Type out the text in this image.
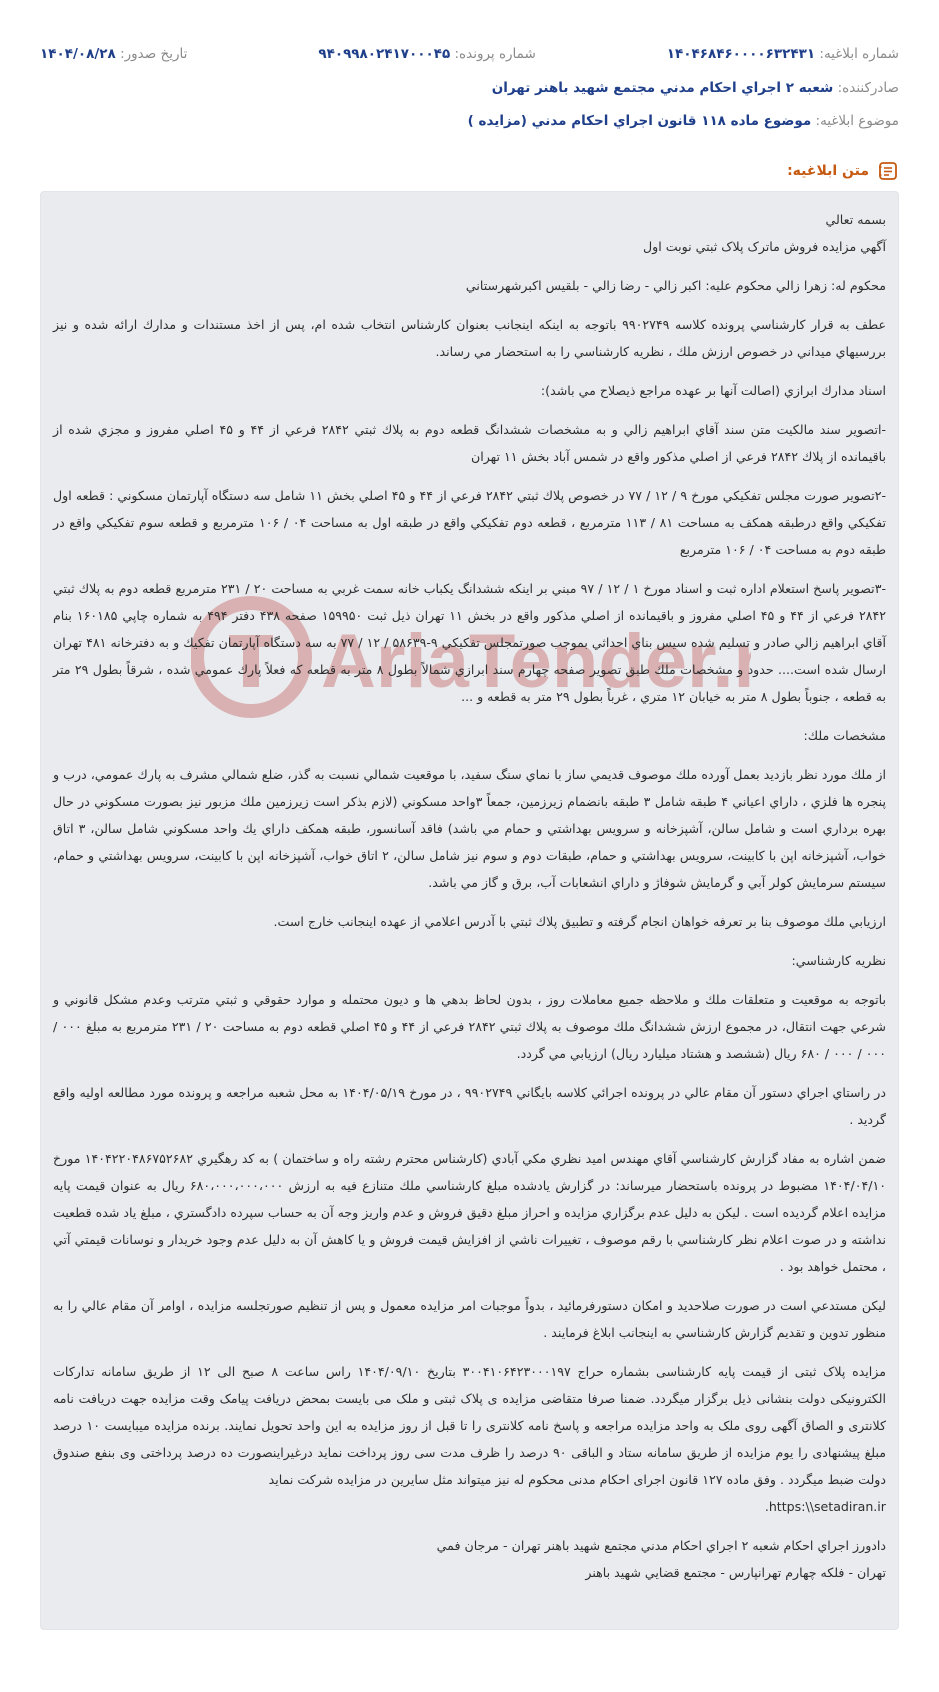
شماره ابلاغيه: ۱۴۰۴۶۸۴۶۰۰۰۰۶۳۲۴۳۱
شماره پرونده: ۹۴۰۹۹۸۰۲۴۱۷۰۰۰۴۵
تاريخ صدور: ۱۴۰۴/۰۸/۲۸
صادركننده: شعبه ۲ اجراي احكام مدني مجتمع شهيد باهنر تهران
موضوع ابلاغيه: موضوع ماده ۱۱۸ قانون اجراي احكام مدني (مزايده )
متن ابلاغيه:
AriaTender.

بسمه تعالي

آگهي مزايده فروش ماترک پلاک ثبتي نوبت اول

محكوم له: زهرا زالي محكوم عليه: اكبر زالي - رضا زالي - بلقيس اكبرشهرستاني

عطف به قرار كارشناسي پرونده كلاسه ۹۹۰۲۷۴۹ باتوجه به اينكه اينجانب بعنوان كارشناس انتخاب شده ام، پس از اخذ مستندات و مدارك ارائه شده و نيز بررسيهاي ميداني در خصوص ارزش ملك ، نظريه كارشناسي را به استحضار مي رساند.

اسناد مدارك ابرازي (اصالت آنها بر عهده مراجع ذيصلاح مي باشد):

-اتصوير سند مالكيت متن سند آقاي ابراهيم زالي و به مشخصات ششدانگ قطعه دوم به پلاك ثبتي ۲۸۴۲ فرعي از ۴۴ و ۴۵ اصلي مفروز و مجزي شده از باقيمانده از پلاك ۲۸۴۲ فرعي از اصلي مذكور واقع در شمس آباد بخش ۱۱ تهران

-۲تصوير صورت مجلس تفكيكي مورخ ۹ / ۱۲ / ۷۷ در خصوص پلاك ثبتي ۲۸۴۲ فرعي از ۴۴ و ۴۵ اصلي بخش ۱۱ شامل سه دستگاه آپارتمان مسكوني : قطعه اول تفكيكي واقع درطبقه همكف به مساحت ۸۱ / ۱۱۳ مترمربع ، قطعه دوم تفكيكي واقع در طبقه اول به مساحت ۰۴ / ۱۰۶ مترمربع و قطعه سوم تفكيكي واقع در طبقه دوم به مساحت ۰۴ / ۱۰۶ مترمربع

-۳تصوير پاسخ استعلام اداره ثبت و اسناد مورخ ۱ / ۱۲ / ۹۷ مبني بر اينكه ششدانگ يكباب خانه سمت غربي به مساحت ۲۰ / ۲۳۱ مترمربع قطعه دوم به پلاك ثبتي ۲۸۴۲ فرعي از ۴۴ و ۴۵ اصلي مفروز و باقيمانده از اصلي مذكور واقع در بخش ۱۱ تهران ذيل ثبت ۱۵۹۹۵۰ صفحه ۴۳۸ دفتر ۴۹۴ به شماره چاپي ۱۶۰۱۸۵ بنام آقاي ابراهيم زالي صادر و تسليم شده سيس بناي احداثي بموجب صورتمجلس تفكيكي ۹-۵۸۶۳۹ / ۱۲ / ۷۷ به سه دستگاه آپارتمان تفكيك و به دفترخانه ۴۸۱ تهران ارسال شده است.... حدود و مشخصات ملك طبق تصوير صفحه چهارم سند ابرازي شمالاً بطول ۸ متر به قطعه كه فعلاً پارك عمومي شده ، شرقاً بطول ۲۹ متر به قطعه ، جنوباً بطول ۸ متر به خيابان ۱۲ متري ، غرباً بطول ۲۹ متر به قطعه و ...

مشخصات ملك:

از ملك مورد نظر بازديد بعمل آورده ملك موصوف قديمي ساز با نماي سنگ سفيد، با موقعيت شمالي نسبت به گذر، ضلع شمالي مشرف به پارك عمومي، درب و پنجره ها فلزي ، داراي اعياني ۴ طبقه شامل ۳ طبقه بانضمام زيرزمين، جمعاً ۳واحد مسكوني (لازم بذكر است زيرزمين ملك مزبور نيز بصورت مسكوني در حال بهره برداري است و شامل سالن، آشپزخانه و سرويس بهداشتي و حمام مي باشد) فاقد آسانسور، طبقه همكف داراي يك واحد مسكوني شامل سالن، ۳ اتاق خواب، آشپزخانه اپن با كابينت، سرويس بهداشتي و حمام، طبقات دوم و سوم نيز شامل سالن، ۲ اتاق خواب، آشپزخانه اپن با كابينت، سرويس بهداشتي و حمام، سيستم سرمايش كولر آبي و گرمايش شوفاژ و داراي انشعابات آب، برق و گاز مي باشد.

ارزيابي ملك موصوف بنا بر تعرفه خواهان انجام گرفته و تطبيق پلاك ثبتي با آدرس اعلامي از عهده اينجانب خارج است.

نظريه كارشناسي:

باتوجه به موقعيت و متعلقات ملك و ملاحظه جميع معاملات روز ، بدون لحاظ بدهي ها و ديون محتمله و موارد حقوقي و ثبتي مترتب وعدم مشكل قانوني و شرعي جهت انتقال، در مجموع ارزش ششدانگ ملك موصوف به پلاك ثبتي ۲۸۴۲ فرعي از ۴۴ و ۴۵ اصلي قطعه دوم به مساحت ۲۰ / ۲۳۱ مترمربع به مبلغ ۰۰۰ / ۰۰۰ / ۰۰۰ / ۶۸۰ ريال (ششصد و هشتاد ميليارد ريال) ارزيابي مي گردد.

در راستاي اجراي دستور آن مقام عالي در پرونده اجرائي كلاسه بايگاني ۹۹۰۲۷۴۹ ، در مورخ ۱۴۰۴/۰۵/۱۹ به محل شعبه مراجعه و پرونده مورد مطالعه اوليه واقع گرديد .

ضمن اشاره به مفاد گزارش كارشناسي آقاي مهندس اميد نظري مكي آبادي (كارشناس محترم رشته راه و ساختمان ) به كد رهگيري ۱۴۰۴۲۲۰۴۸۶۷۵۲۶۸۲ مورخ ۱۴۰۴/۰۴/۱۰ مضبوط در پرونده باستحضار ميرساند: در گزارش يادشده مبلغ كارشناسي ملك متنازع فيه به ارزش ۶۸۰،۰۰۰،۰۰۰،۰۰۰ ريال به عنوان قيمت پايه مزايده اعلام گرديده است . ليكن به دليل عدم برگزاري مزايده و احراز مبلغ دقيق فروش و عدم واريز وجه آن به حساب سپرده دادگستري ، مبلغ ياد شده قطعيت نداشته و در صوت اعلام نظر كارشناسي با رقم موصوف ، تغييرات ناشي از افزايش قيمت فروش و يا كاهش آن به دليل عدم وجود خريدار و نوسانات قيمتي آتي ، محتمل خواهد بود .

ليكن مستدعي است در صورت صلاحديد و امكان دستورفرمائيد ، بدواً موجبات امر مزايده معمول و پس از تنظيم صورتجلسه مزايده ، اوامر آن مقام عالي را به منظور تدوين و تقديم گزارش كارشناسي به اينجانب ابلاغ فرمايند .

مزايده پلاک ثبتی از قيمت پايه كارشناسی بشماره حراج ۳۰۰۴۱۰۶۴۲۳۰۰۰۱۹۷ بتاريخ ۱۴۰۴/۰۹/۱۰ راس ساعت ۸ صبح الی ۱۲ از طريق سامانه تداركات الكترونيكی دولت بنشانی ذيل برگزار ميگردد. ضمنا صرفا متقاضی مزايده ی پلاک ثبتی و ملک می بايست بمحض دريافت پيامک وقت مزايده جهت دريافت نامه كلانتری و الصاق آگهی روی ملک به واحد مزايده مراجعه و پاسخ نامه كلانتری را تا قبل از روز مزايده به اين واحد تحويل نمايند. برنده مزايده ميبايست ۱۰ درصد مبلغ پيشنهادی را يوم مزايده از طريق سامانه ستاد و الباقی ۹۰ درصد را ظرف مدت سی روز پرداخت نمايد درغيراينصورت ده درصد پرداختی وی بنفع صندوق دولت ضبط ميگردد . وفق ماده ۱۲۷ قانون اجرای احكام مدنی محكوم له نيز ميتواند مثل سايرين در مزايده شركت نمايد

https:\\setadiran.ir.

دادورز اجراي احكام شعبه ۲ اجراي احكام مدني مجتمع شهيد باهنر تهران - مرجان فمي

تهران - فلكه چهارم تهرانپارس - مجتمع قضايي شهيد باهنر
